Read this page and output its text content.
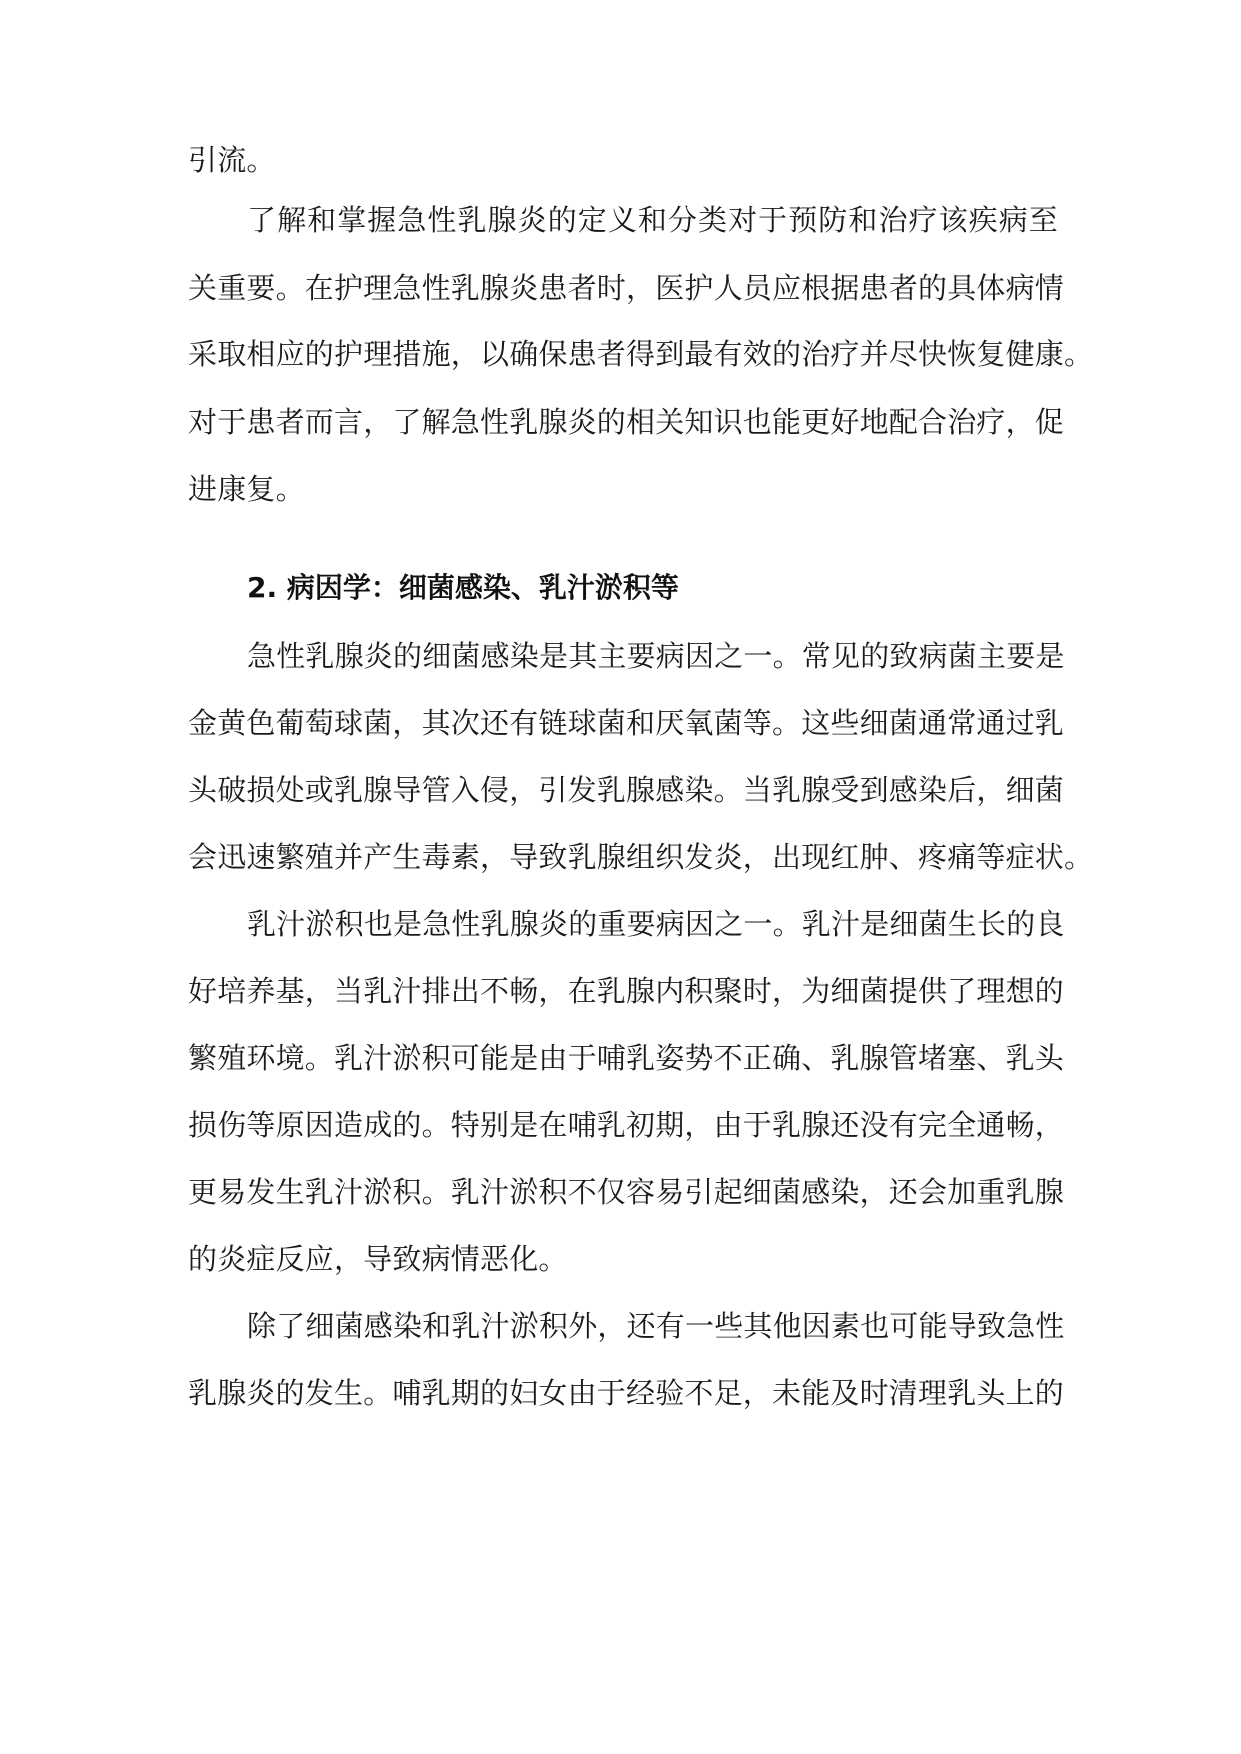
引流。
了解和掌握急性乳腺炎的定义和分类对于预防和治疗该疾病至
关重要。在护理急性乳腺炎患者时，医护人员应根据患者的具体病情
采取相应的护理措施，以确保患者得到最有效的治疗并尽快恢复健康。
对于患者而言，了解急性乳腺炎的相关知识也能更好地配合治疗，促
进康复。
2. 病因学：细菌感染、乳汁淤积等
急性乳腺炎的细菌感染是其主要病因之一。常见的致病菌主要是
金黄色葡萄球菌，其次还有链球菌和厌氧菌等。这些细菌通常通过乳
头破损处或乳腺导管入侵，引发乳腺感染。当乳腺受到感染后，细菌
会迅速繁殖并产生毒素，导致乳腺组织发炎，出现红肿、疼痛等症状。
乳汁淤积也是急性乳腺炎的重要病因之一。乳汁是细菌生长的良
好培养基，当乳汁排出不畅，在乳腺内积聚时，为细菌提供了理想的
繁殖环境。乳汁淤积可能是由于哺乳姿势不正确、乳腺管堵塞、乳头
损伤等原因造成的。特别是在哺乳初期，由于乳腺还没有完全通畅，
更易发生乳汁淤积。乳汁淤积不仅容易引起细菌感染，还会加重乳腺
的炎症反应，导致病情恶化。
除了细菌感染和乳汁淤积外，还有一些其他因素也可能导致急性
乳腺炎的发生。哺乳期的妇女由于经验不足，未能及时清理乳头上的
